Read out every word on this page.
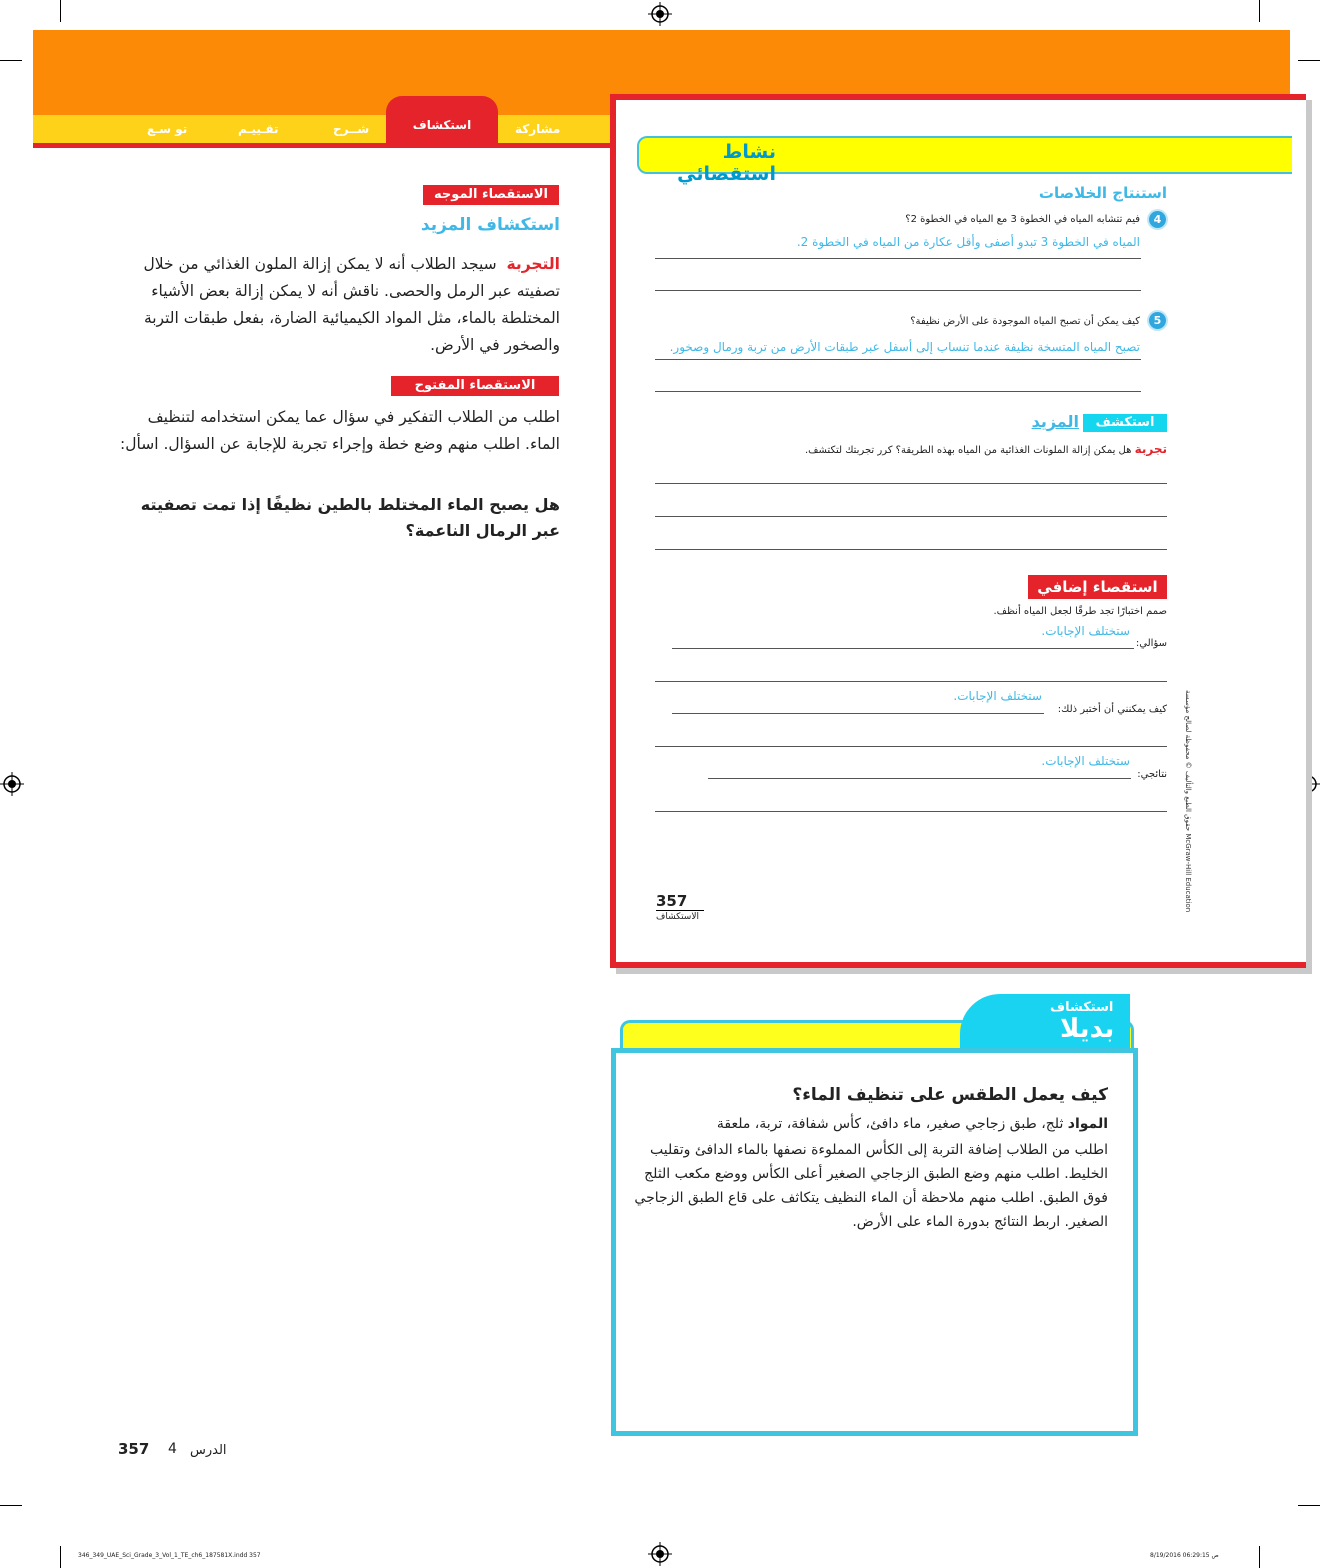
استكشاف	مشاركة
شــرح
تقـييـم
تو سـع
الاستقصاء الموجه
استكشاف المزيد
التجربة  سيجد الطلاب أنه لا يمكن إزالة الملون الغذائي من خلال تصفيته عبر الرمل والحصى. ناقش أنه لا يمكن إزالة بعض الأشياء المختلطة بالماء، مثل المواد الكيميائية الضارة، بفعل طبقات التربة والصخور في الأرض.
الاستقصاء المفتوح
اطلب من الطلاب التفكير في سؤال عما يمكن استخدامه لتنظيف الماء. اطلب منهم وضع خطة وإجراء تجربة للإجابة عن السؤال. اسأل:
هل يصبح الماء المختلط بالطين نظيفًا إذا تمت تصفيته عبر الرمال الناعمة؟
نشاط استقصائي
استنتاج الخلاصات
4
فيم تتشابه المياه في الخطوة 3 مع المياه في الخطوة 2؟
المياه في الخطوة 3 تبدو أصفى وأقل عكارة من المياه في الخطوة 2.
5
كيف يمكن أن تصبح المياه الموجودة على الأرض نظيفة؟
تصبح المياه المتسخة نظيفة عندما تنساب إلى أسفل عبر طبقات الأرض من تربة ورمال وصخور.
استكشف
المزيد
تجربة هل يمكن إزالة الملونات الغذائية من المياه بهذه الطريقة؟ كرر تجربتك لتكتشف.
استقصاء إضافي
صمم اختبارًا تجد طرقًا لجعل المياه أنظف.
ستختلف الإجابات.
سؤالي:
ستختلف الإجابات.
كيف يمكنني أن أختبر ذلك:
ستختلف الإجابات.
نتائجي:
357
الاستكشاف
McGraw-Hill Education حقوق الطبع والتأليف © محفوظة لصالح مؤسسة
استكشاف
بديلا
كيف يعمل الطقس على تنظيف الماء؟
المواد ثلج، طبق زجاجي صغير، ماء دافئ، كأس شفافة، تربة، ملعقة
اطلب من الطلاب إضافة التربة إلى الكأس المملوءة نصفها بالماء الدافئ وتقليب الخليط. اطلب منهم وضع الطبق الزجاجي الصغير أعلى الكأس ووضع مكعب الثلج فوق الطبق. اطلب منهم ملاحظة أن الماء النظيف يتكاثف على قاع الطبق الزجاجي الصغير. اربط النتائج بدورة الماء على الأرض.
357	الدرس
4
346_349_UAE_Sci_Grade_3_Vol_1_TE_ch6_187581X.indd 357	8/19/2016 06:29:15 ص
